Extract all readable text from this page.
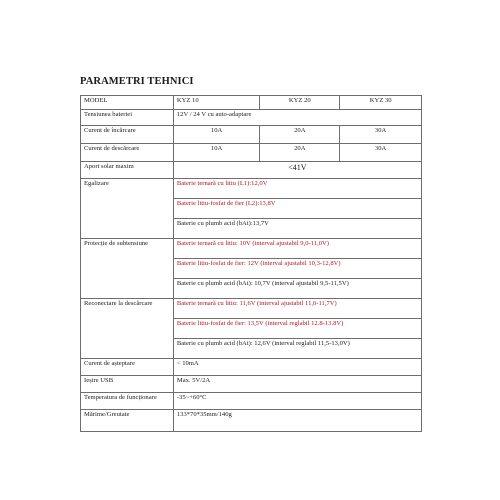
PARAMETRI TEHNICI
MODEL	KYZ 10	KYZ 20	KYZ 30
Tensiunea bateriei	12V / 24 V cu auto-adaptare		
Curent de încărcare	10A	20A	30A
Curent de descărcare	10A	20A	30A
Aport solar maxim	<41V		
Egalizare	Baterie ternară cu litiu (L1):12,0V		
	Baterie litiu-fosfat de fier (L2):13,8V		
	Baterie cu plumb acid (bAt):13,7V		
Protecție de subtensiune	Baterie ternară cu litiu: 10V (interval ajustabil 9,0-11,0V)		
	Baterie litiu-fosfat de fier: 12V (interval ajustabil 10,3-12,8V)		
	Baterie cu plumb acid (bAt): 10,7V (interval ajustabil 9,5-11,5V)		
Reconectare la descărcare	Baterie ternară cu litiu: 11,6V (interval ajustabil 11,0-11,7V)		
	Baterie litiu-fosfat de fier: 13,5V (interval reglabil 12.8-13.8V)		
	Baterie cu plumb acid (bAt): 12,6V (interval reglabil 11,5-13,0V)		
Curent de așteptare	< 10mA		
Ieșire USB	Max. 5V/2A		
Temperatura de funcționare	-35~+60°C		
Mărime/Greutate	133*70*35mm/140g		
